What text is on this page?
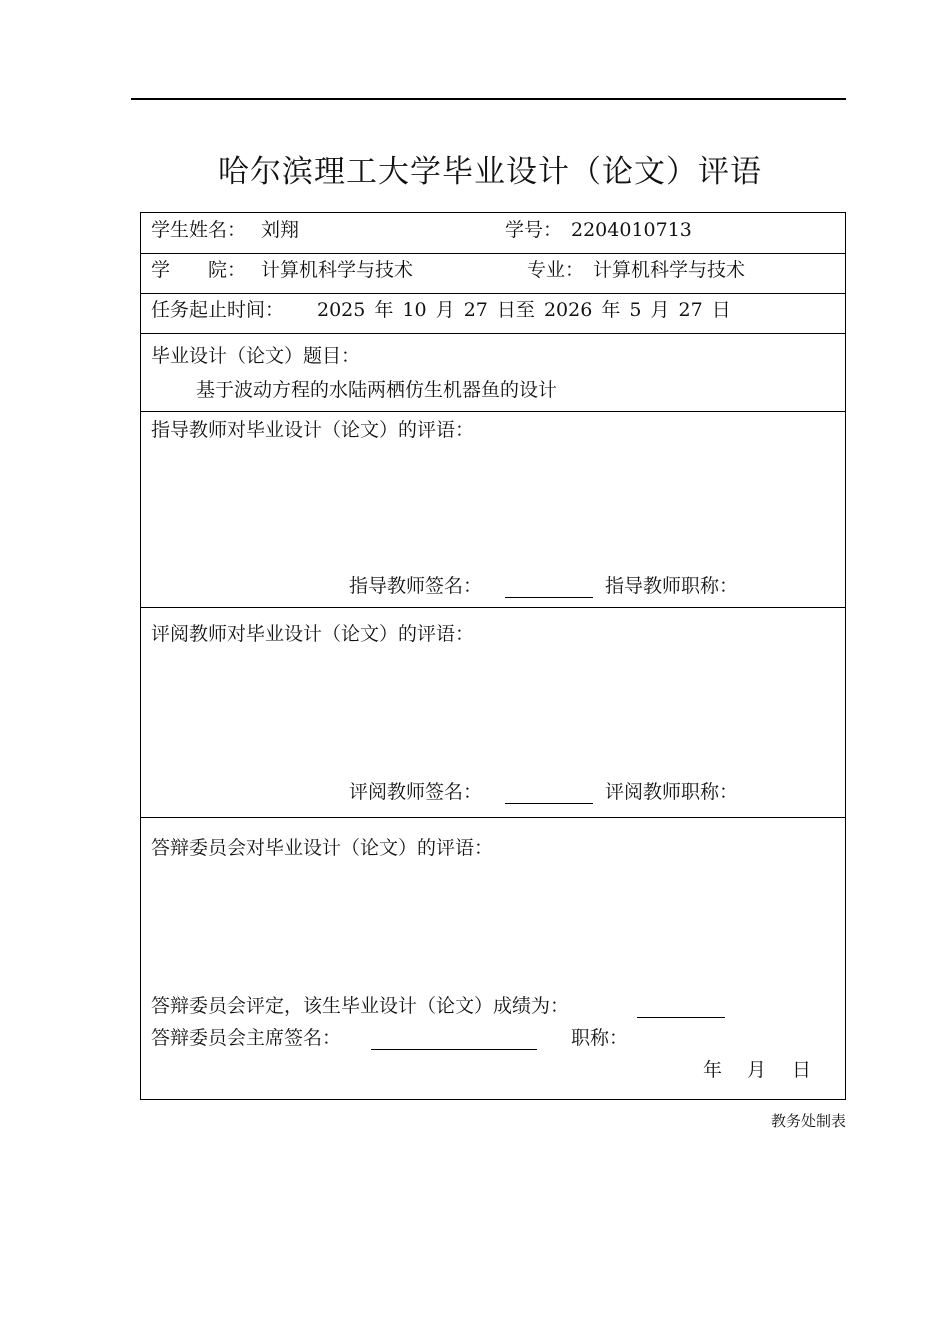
哈尔滨理工大学毕业设计（论文）评语
学生姓名： 刘翔	学号： 2204010713
学　　院： 计算机科学与技术	专业： 计算机科学与技术
任务起止时间： 2025 年 10 月 27 日至 2026 年 5 月 27 日
毕业设计（论文）题目：
基于波动方程的水陆两栖仿生机器鱼的设计
指导教师对毕业设计（论文）的评语：
指导教师签名：	指导教师职称：
评阅教师对毕业设计（论文）的评语：
评阅教师签名：	评阅教师职称：
答辩委员会对毕业设计（论文）的评语：
答辩委员会评定，该生毕业设计（论文）成绩为：
答辩委员会主席签名：	职称：
年 月 日
教务处制表
